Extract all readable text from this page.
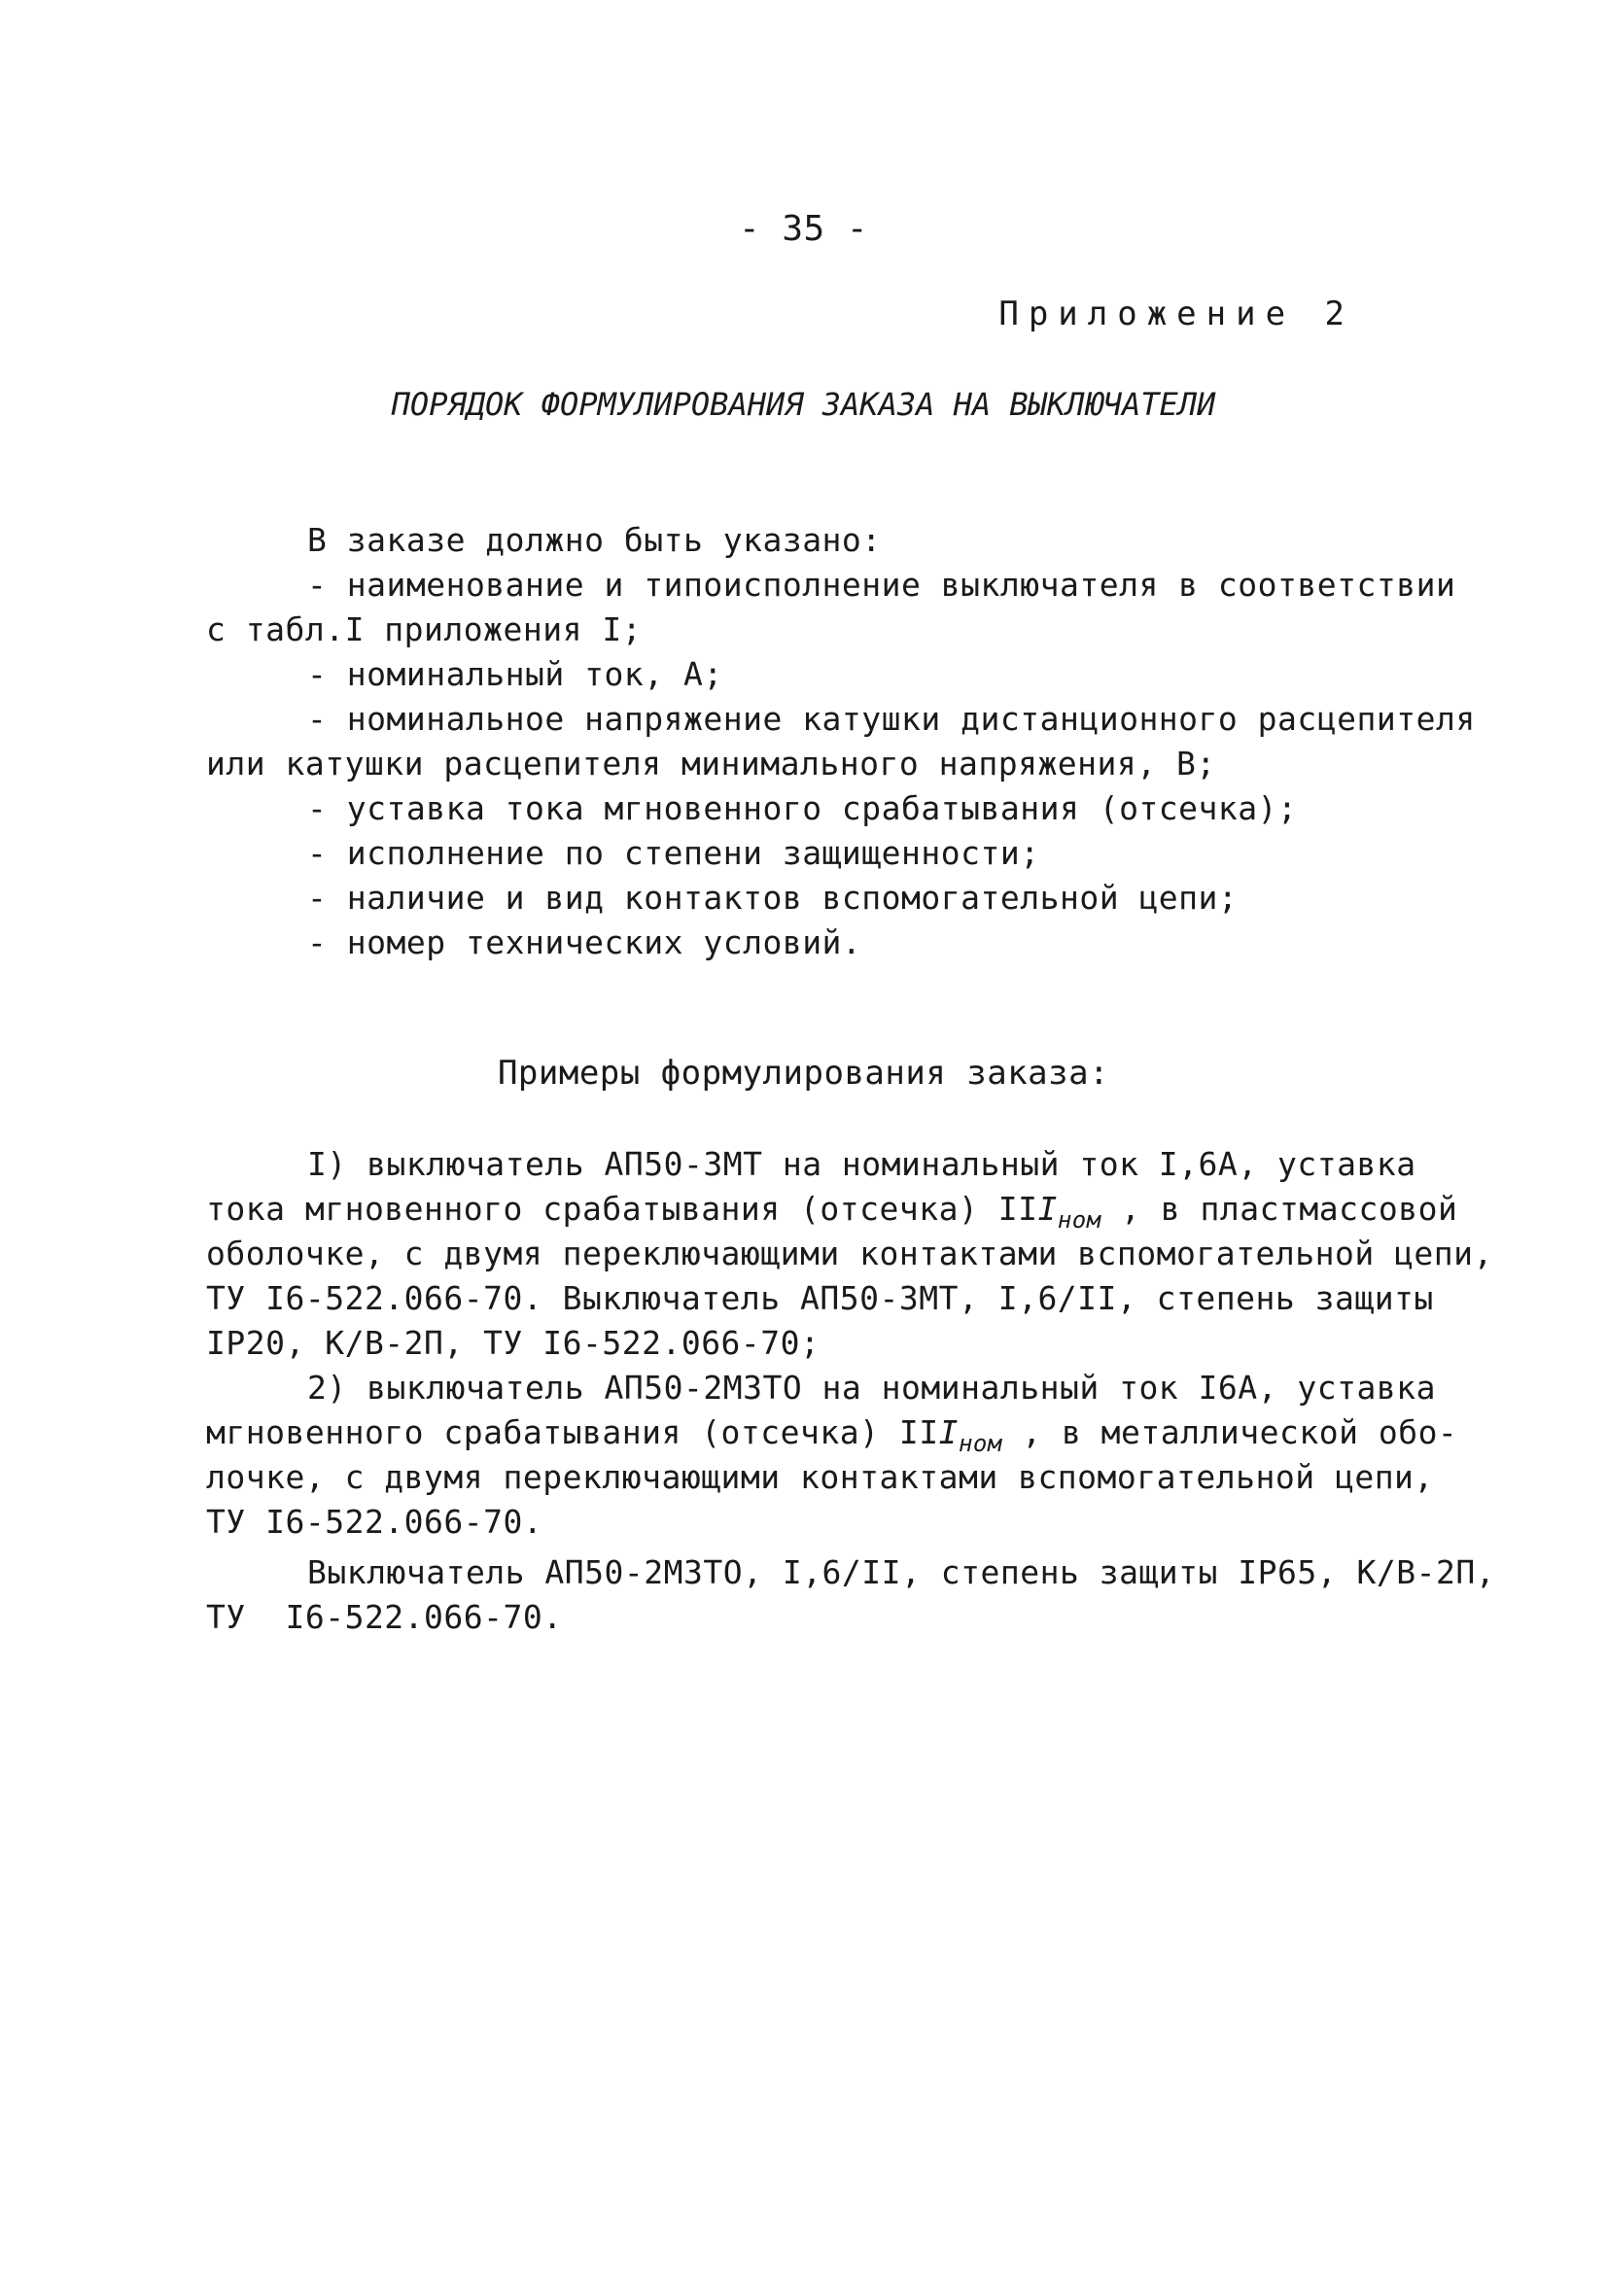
- 35 -
Приложение 2
ПОРЯДОК ФОРМУЛИРОВАНИЯ ЗАКАЗА НА ВЫКЛЮЧАТЕЛИ
В заказе должно быть указано:
- наименование и типоисполнение выключателя в соответствии
с табл.I приложения I;
- номинальный ток, А;
- номинальное напряжение катушки дистанционного расцепителя
или катушки расцепителя минимального напряжения, В;
- уставка тока мгновенного срабатывания (отсечка);
- исполнение по степени защищенности;
- наличие и вид контактов вспомогательной цепи;
- номер технических условий.
Примеры формулирования заказа:
I) выключатель АП50-3МТ на номинальный ток I,6А, уставка
тока мгновенного срабатывания (отсечка) $III_{ном}$ , в пластмассовой
оболочке, с двумя переключающими контактами вспомогательной цепи,
ТУ I6-522.066-70. Выключатель АП50-3МТ, I,6/II, степень защиты
IP20, К/В-2П, ТУ I6-522.066-70;
2) выключатель АП50-2МЗТО на номинальный ток I6А, уставка
мгновенного срабатывания (отсечка) $III_{ном}$ , в металлической обо-
лочке, с двумя переключающими контактами вспомогательной цепи,
ТУ I6-522.066-70.
Выключатель АП50-2МЗТО, I,6/II, степень защиты IP65, К/В-2П,
ТУ  I6-522.066-70.
